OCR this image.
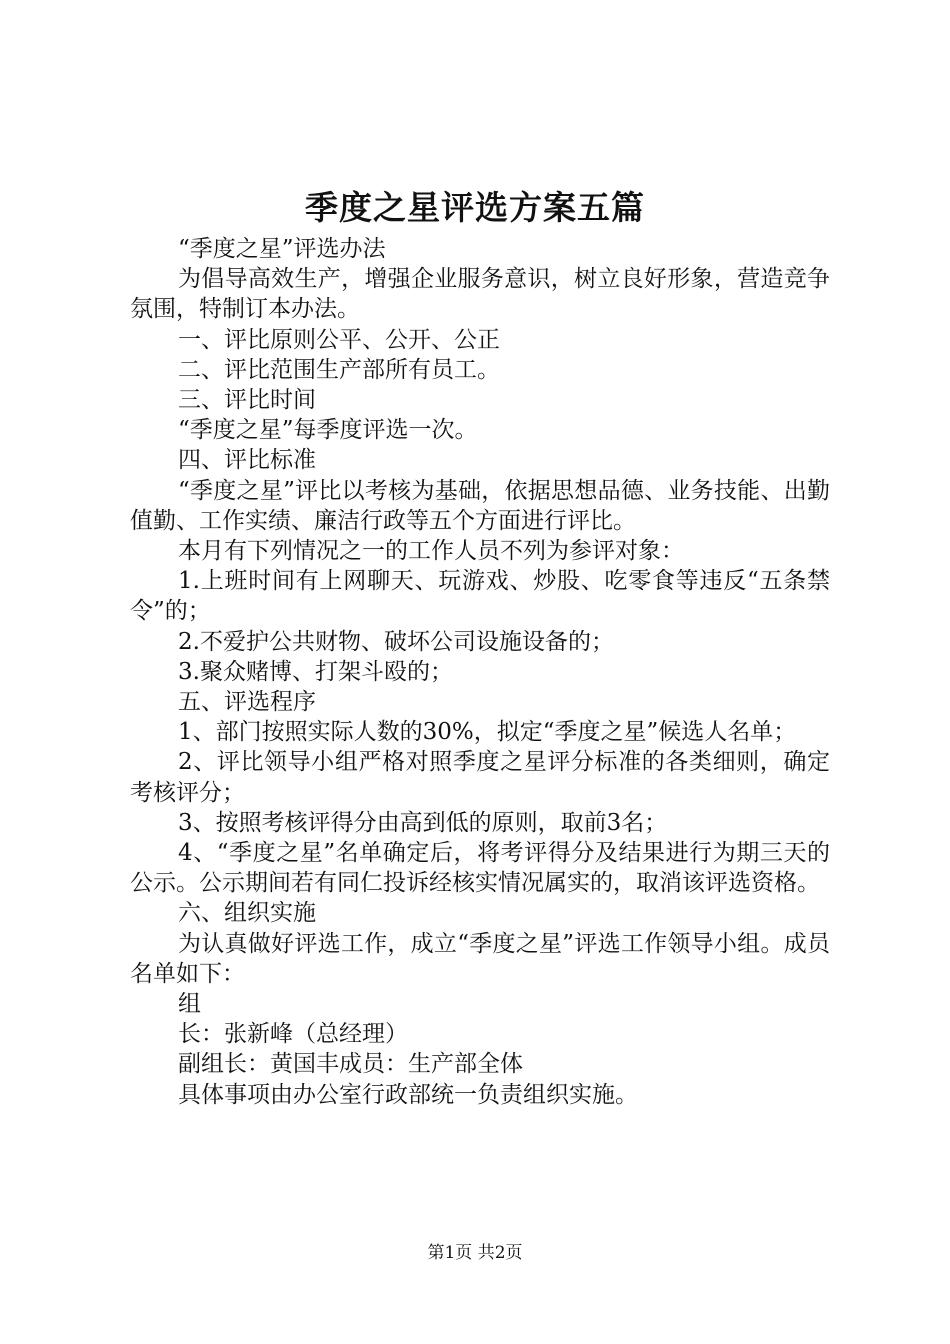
季度之星评选方案五篇

“季度之星”评选办法

为倡导高效生产，增强企业服务意识，树立良好形象，营造竞争氛围，特制订本办法。

一、评比原则公平、公开、公正

二、评比范围生产部所有员工。

三、评比时间

“季度之星”每季度评选一次。

四、评比标准

“季度之星”评比以考核为基础，依据思想品德、业务技能、出勤值勤、工作实绩、廉洁行政等五个方面进行评比。

本月有下列情况之一的工作人员不列为参评对象：

1.上班时间有上网聊天、玩游戏、炒股、吃零食等违反“五条禁令”的；

2.不爱护公共财物、破坏公司设施设备的；

3.聚众赌博、打架斗殴的；

五、评选程序

1、部门按照实际人数的30%，拟定“季度之星”候选人名单；

2、评比领导小组严格对照季度之星评分标准的各类细则，确定考核评分；

3、按照考核评得分由高到低的原则，取前3名；

4、“季度之星”名单确定后，将考评得分及结果进行为期三天的公示。公示期间若有同仁投诉经核实情况属实的，取消该评选资格。

六、组织实施

为认真做好评选工作，成立“季度之星”评选工作领导小组。成员名单如下：

组

长：张新峰（总经理）

副组长：黄国丰成员：生产部全体

具体事项由办公室行政部统一负责组织实施。

第1页 共2页
